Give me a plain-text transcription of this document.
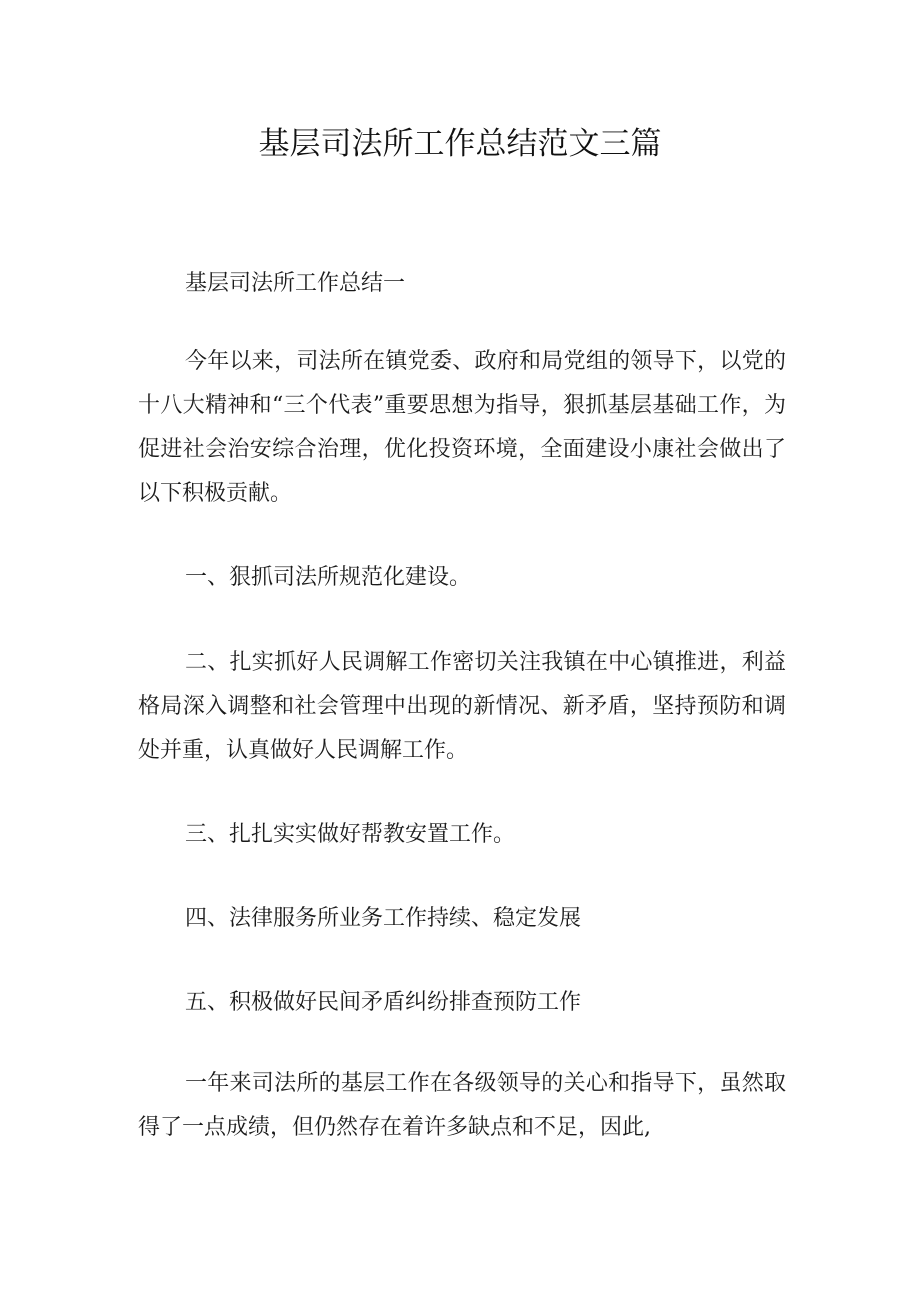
基层司法所工作总结范文三篇

基层司法所工作总结一

今年以来，司法所在镇党委、政府和局党组的领导下，以党的十八大精神和“三个代表”重要思想为指导，狠抓基层基础工作，为促进社会治安综合治理，优化投资环境，全面建设小康社会做出了以下积极贡献。

一、狠抓司法所规范化建设。

二、扎实抓好人民调解工作密切关注我镇在中心镇推进，利益格局深入调整和社会管理中出现的新情况、新矛盾，坚持预防和调处并重，认真做好人民调解工作。

三、扎扎实实做好帮教安置工作。

四、法律服务所业务工作持续、稳定发展

五、积极做好民间矛盾纠纷排查预防工作

一年来司法所的基层工作在各级领导的关心和指导下，虽然取得了一点成绩，但仍然存在着许多缺点和不足，因此,
